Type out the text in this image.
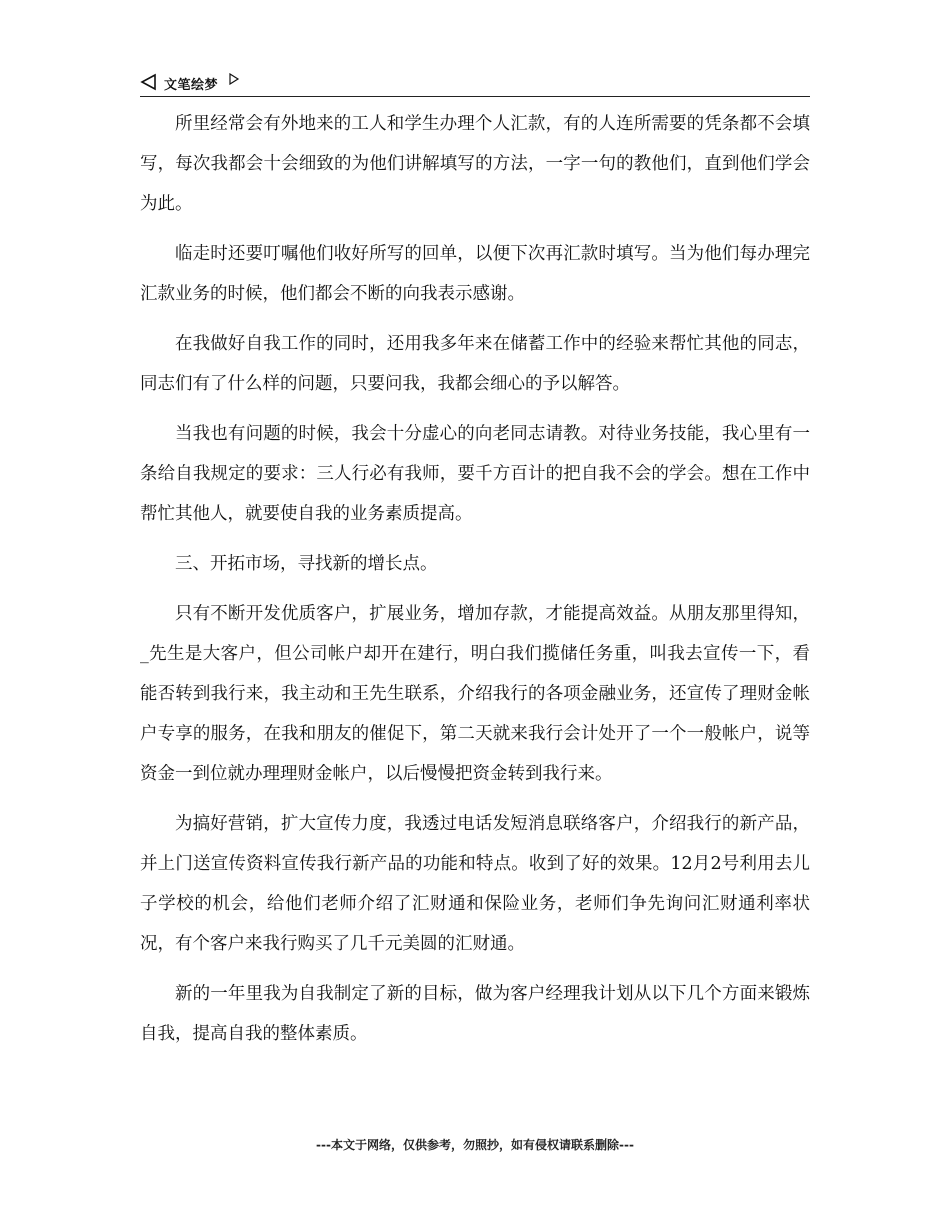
文笔绘梦

所里经常会有外地来的工人和学生办理个人汇款，有的人连所需要的凭条都不会填写，每次我都会十会细致的为他们讲解填写的方法，一字一句的教他们，直到他们学会为此。

临走时还要叮嘱他们收好所写的回单，以便下次再汇款时填写。当为他们每办理完汇款业务的时候，他们都会不断的向我表示感谢。

在我做好自我工作的同时，还用我多年来在储蓄工作中的经验来帮忙其他的同志，同志们有了什么样的问题，只要问我，我都会细心的予以解答。

当我也有问题的时候，我会十分虚心的向老同志请教。对待业务技能，我心里有一条给自我规定的要求：三人行必有我师，要千方百计的把自我不会的学会。想在工作中帮忙其他人，就要使自我的业务素质提高。

三、开拓市场，寻找新的增长点。

只有不断开发优质客户，扩展业务，增加存款，才能提高效益。从朋友那里得知，_先生是大客户，但公司帐户却开在建行，明白我们揽储任务重，叫我去宣传一下，看能否转到我行来，我主动和王先生联系，介绍我行的各项金融业务，还宣传了理财金帐户专享的服务，在我和朋友的催促下，第二天就来我行会计处开了一个一般帐户，说等资金一到位就办理理财金帐户，以后慢慢把资金转到我行来。

为搞好营销，扩大宣传力度，我透过电话发短消息联络客户，介绍我行的新产品，并上门送宣传资料宣传我行新产品的功能和特点。收到了好的效果。12月2号利用去儿子学校的机会，给他们老师介绍了汇财通和保险业务，老师们争先询问汇财通利率状况，有个客户来我行购买了几千元美圆的汇财通。

新的一年里我为自我制定了新的目标，做为客户经理我计划从以下几个方面来锻炼自我，提高自我的整体素质。

---本文于网络，仅供参考，勿照抄，如有侵权请联系删除---
